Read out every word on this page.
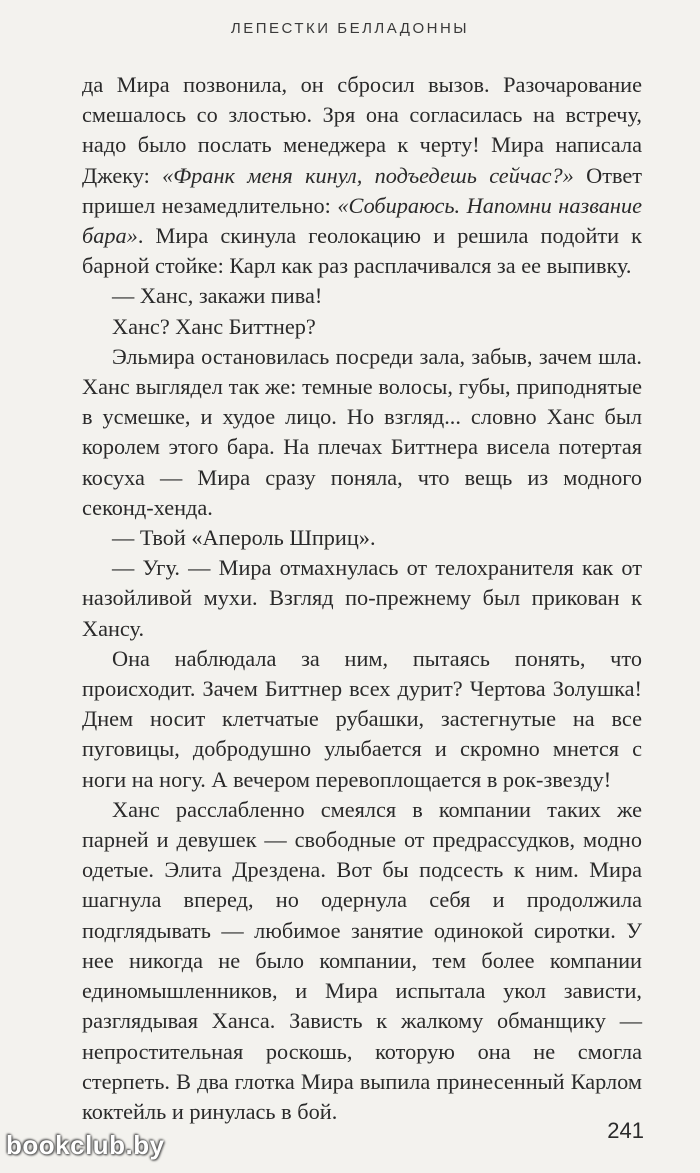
ЛЕПЕСТКИ БЕЛЛАДОННЫ

да Мира позвонила, он сбросил вызов. Разочарование смешалось со злостью. Зря она согласилась на встречу, надо было послать менеджера к черту! Мира написала Джеку: «Франк меня кинул, подъедешь сейчас?» Ответ пришел незамедлительно: «Собираюсь. Напомни название бара». Мира скинула геолокацию и решила подойти к барной стойке: Карл как раз расплачивался за ее выпивку.

— Ханс, закажи пива!

Ханс? Ханс Биттнер?

Эльмира остановилась посреди зала, забыв, зачем шла. Ханс выглядел так же: темные волосы, губы, приподнятые в усмешке, и худое лицо. Но взгляд... словно Ханс был королем этого бара. На плечах Биттнера висела потертая косуха — Мира сразу поняла, что вещь из модного секонд-хенда.

— Твой «Апероль Шприц».

— Угу. — Мира отмахнулась от телохранителя как от назойливой мухи. Взгляд по-прежнему был прикован к Хансу.

Она наблюдала за ним, пытаясь понять, что происходит. Зачем Биттнер всех дурит? Чертова Золушка! Днем носит клетчатые рубашки, застегнутые на все пуговицы, добродушно улыбается и скромно мнется с ноги на ногу. А вечером перевоплощается в рок-звезду!

Ханс расслабленно смеялся в компании таких же парней и девушек — свободные от предрассудков, модно одетые. Элита Дрездена. Вот бы подсесть к ним. Мира шагнула вперед, но одернула себя и продолжила подглядывать — любимое занятие одинокой сиротки. У нее никогда не было компании, тем более компании единомышленников, и Мира испытала укол зависти, разглядывая Ханса. Зависть к жалкому обманщику — непростительная роскошь, которую она не смогла стерпеть. В два глотка Мира выпила принесенный Карлом коктейль и ринулась в бой.

241
bookclub.by
